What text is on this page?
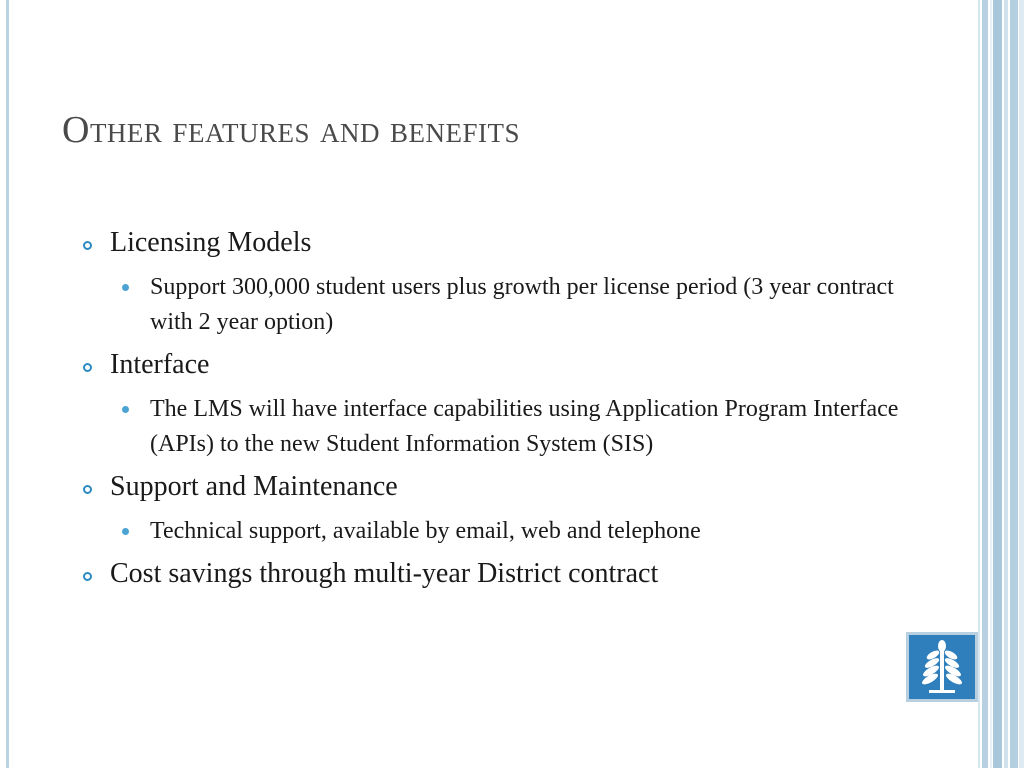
Other features and benefits
Licensing Models
Support 300,000 student users plus growth per license period (3 year contract with 2 year option)
Interface
The LMS will have interface capabilities using Application Program Interface (APIs) to the new Student Information System (SIS)
Support and Maintenance
Technical support, available by email, web and telephone
Cost savings through multi-year District contract
